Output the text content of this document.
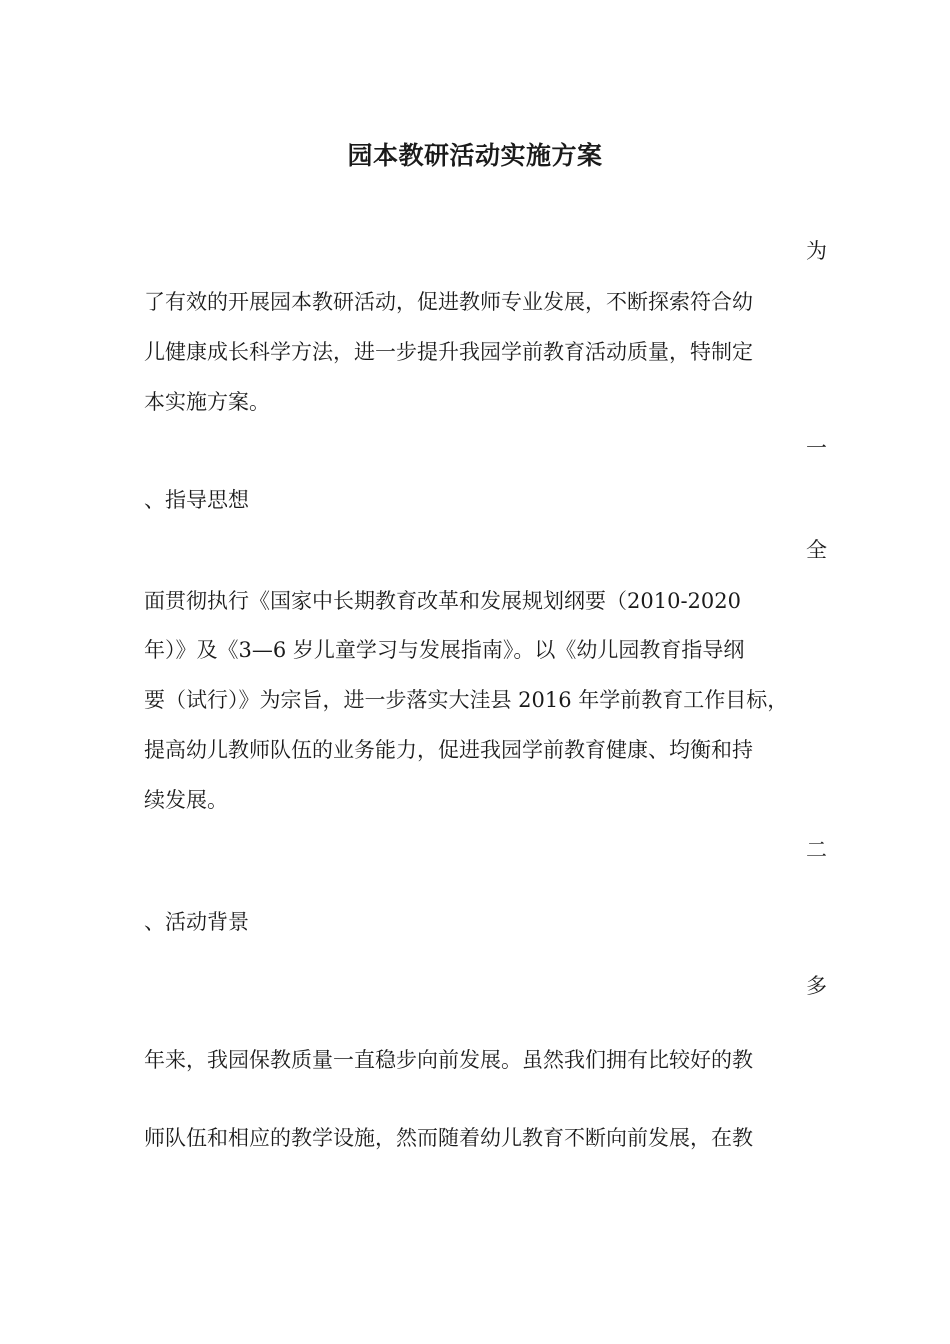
园本教研活动实施方案
为
了有效的开展园本教研活动，促进教师专业发展，不断探索符合幼
儿健康成长科学方法，进一步提升我园学前教育活动质量，特制定
本实施方案。
一
、指导思想
全
面贯彻执行《国家中长期教育改革和发展规划纲要（2010-2020
年）》及《3—6 岁儿童学习与发展指南》。以《幼儿园教育指导纲
要（试行）》为宗旨，进一步落实大洼县 2016 年学前教育工作目标，
提高幼儿教师队伍的业务能力，促进我园学前教育健康、均衡和持
续发展。
二
、活动背景
多
年来，我园保教质量一直稳步向前发展。虽然我们拥有比较好的教
师队伍和相应的教学设施，然而随着幼儿教育不断向前发展，在教
